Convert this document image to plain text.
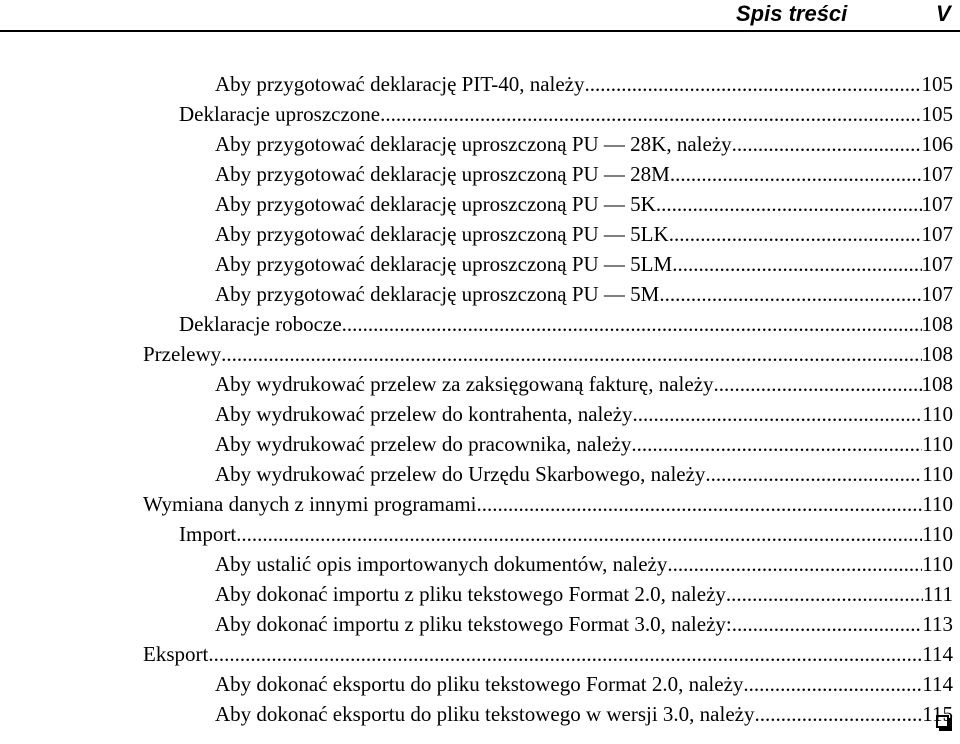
Spis treści	V
Aby przygotować deklarację PIT-40, należy .....	105
Deklaracje uproszczone .....	105
Aby przygotować deklarację uproszczoną PU — 28K, należy .....	106
Aby przygotować deklarację uproszczoną PU — 28M .....	107
Aby przygotować deklarację uproszczoną PU — 5K .....	107
Aby przygotować deklarację uproszczoną PU — 5LK .....	107
Aby przygotować deklarację uproszczoną PU — 5LM .....	107
Aby przygotować deklarację uproszczoną PU — 5M .....	107
Deklaracje robocze .....	108
Przelewy .....	108
Aby wydrukować przelew za zaksięgowaną fakturę, należy .....	108
Aby wydrukować przelew do kontrahenta, należy .....	110
Aby wydrukować przelew do pracownika, należy .....	110
Aby wydrukować przelew do Urzędu Skarbowego, należy .....	110
Wymiana danych z innymi programami .....	110
Import .....	110
Aby ustalić opis importowanych dokumentów, należy .....	110
Aby dokonać importu z pliku tekstowego Format 2.0, należy .....	111
Aby dokonać importu z pliku tekstowego Format 3.0, należy: .....	113
Eksport .....	114
Aby dokonać eksportu do pliku tekstowego Format 2.0, należy .....	114
Aby dokonać eksportu do pliku tekstowego w wersji 3.0, należy .....	115
